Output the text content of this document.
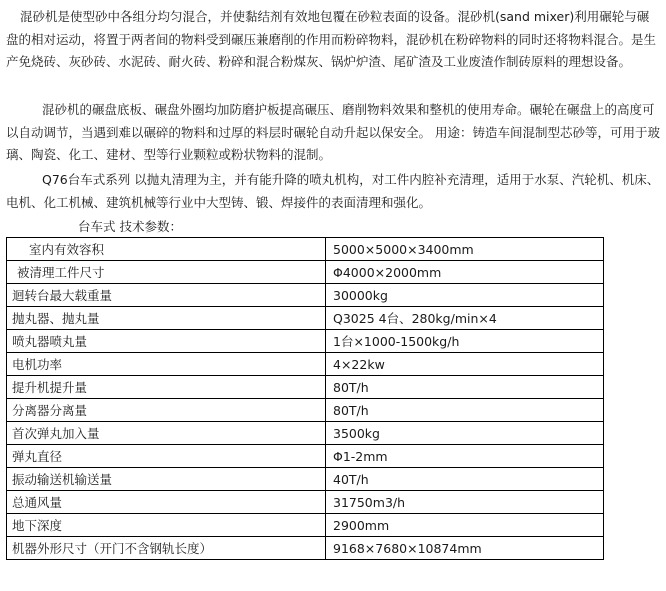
混砂机是使型砂中各组分均匀混合，并使黏结剂有效地包覆在砂粒表面的设备。混砂机(sand mixer)利用碾轮与碾盘的相对运动，将置于两者间的物料受到碾压兼磨削的作用而粉碎物料，混砂机在粉碎物料的同时还将物料混合。是生产免烧砖、灰砂砖、水泥砖、耐火砖、粉碎和混合粉煤灰、锅炉炉渣、尾矿渣及工业废渣作制砖原料的理想设备。

混砂机的碾盘底板、碾盘外圈均加防磨护板提高碾压、磨削物料效果和整机的使用寿命。碾轮在碾盘上的高度可以自动调节，当遇到难以碾碎的物料和过厚的料层时碾轮自动升起以保安全。 用途：铸造车间混制型芯砂等，可用于玻璃、陶瓷、化工、建材、型等行业颗粒或粉状物料的混制。

Q76台车式系列 以抛丸清理为主，并有能升降的喷丸机构，对工件内腔补充清理，适用于水泵、汽轮机、机床、电机、化工机械、建筑机械等行业中大型铸、锻、焊接件的表面清理和强化。

台车式 技术参数：
室内有效容积	5000×5000×3400mm
被清理工件尺寸	Φ4000×2000mm
迴转台最大载重量	30000kg
抛丸器、抛丸量	Q3025 4台、280kg/min×4
喷丸器喷丸量	1台×1000-1500kg/h
电机功率	4×22kw
提升机提升量	80T/h
分离器分离量	80T/h
首次弹丸加入量	3500kg
弹丸直径	Φ1-2mm
振动输送机输送量	40T/h
总通风量	31750m3/h
地下深度	2900mm
机器外形尺寸（开门不含钢轨长度）	9168×7680×10874mm
